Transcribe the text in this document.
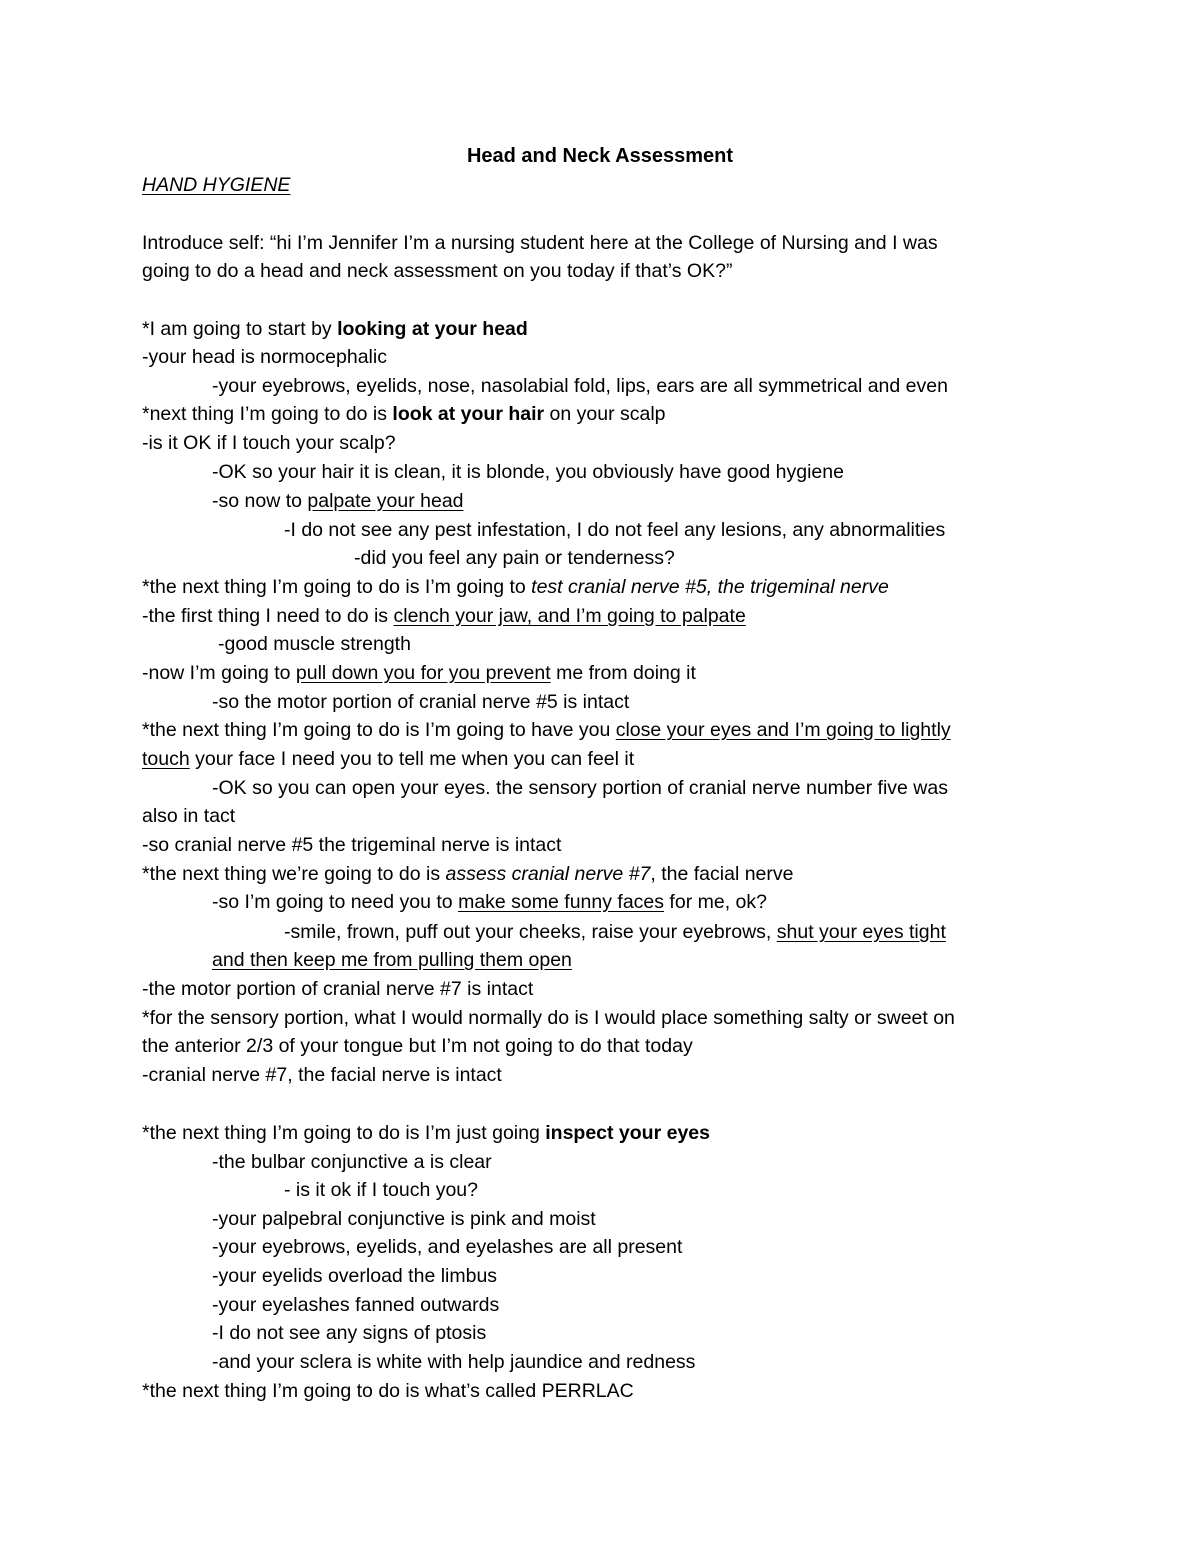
Head and Neck Assessment
HAND HYGIENE
Introduce self: “hi I’m Jennifer I’m a nursing student here at the College of Nursing and I was
going to do a head and neck assessment on you today if that’s OK?”
*I am going to start by looking at your head
-your head is normocephalic
-your eyebrows, eyelids, nose, nasolabial fold, lips, ears are all symmetrical and even
*next thing I’m going to do is look at your hair on your scalp
-is it OK if I touch your scalp?
-OK so your hair it is clean, it is blonde, you obviously have good hygiene
-so now to palpate your head
-I do not see any pest infestation, I do not feel any lesions, any abnormalities
-did you feel any pain or tenderness?
*the next thing I’m going to do is I’m going to test cranial nerve #5, the trigeminal nerve
-the first thing I need to do is clench your jaw, and I’m going to palpate
-good muscle strength
-now I’m going to pull down you for you prevent me from doing it
-so the motor portion of cranial nerve #5 is intact
*the next thing I’m going to do is I’m going to have you close your eyes and I’m going to lightly
touch your face I need you to tell me when you can feel it
-OK so you can open your eyes. the sensory portion of cranial nerve number five was
also in tact
-so cranial nerve #5 the trigeminal nerve is intact
*the next thing we’re going to do is assess cranial nerve #7, the facial nerve
-so I’m going to need you to make some funny faces for me, ok?
-smile, frown, puff out your cheeks, raise your eyebrows, shut your eyes tight
and then keep me from pulling them open
-the motor portion of cranial nerve #7 is intact
*for the sensory portion, what I would normally do is I would place something salty or sweet on
the anterior 2/3 of your tongue but I’m not going to do that today
-cranial nerve #7, the facial nerve is intact
*the next thing I’m going to do is I’m just going inspect your eyes
-the bulbar conjunctive a is clear
- is it ok if I touch you?
-your palpebral conjunctive is pink and moist
-your eyebrows, eyelids, and eyelashes are all present
-your eyelids overload the limbus
-your eyelashes fanned outwards
-I do not see any signs of ptosis
-and your sclera is white with help jaundice and redness
*the next thing I’m going to do is what’s called PERRLAC
